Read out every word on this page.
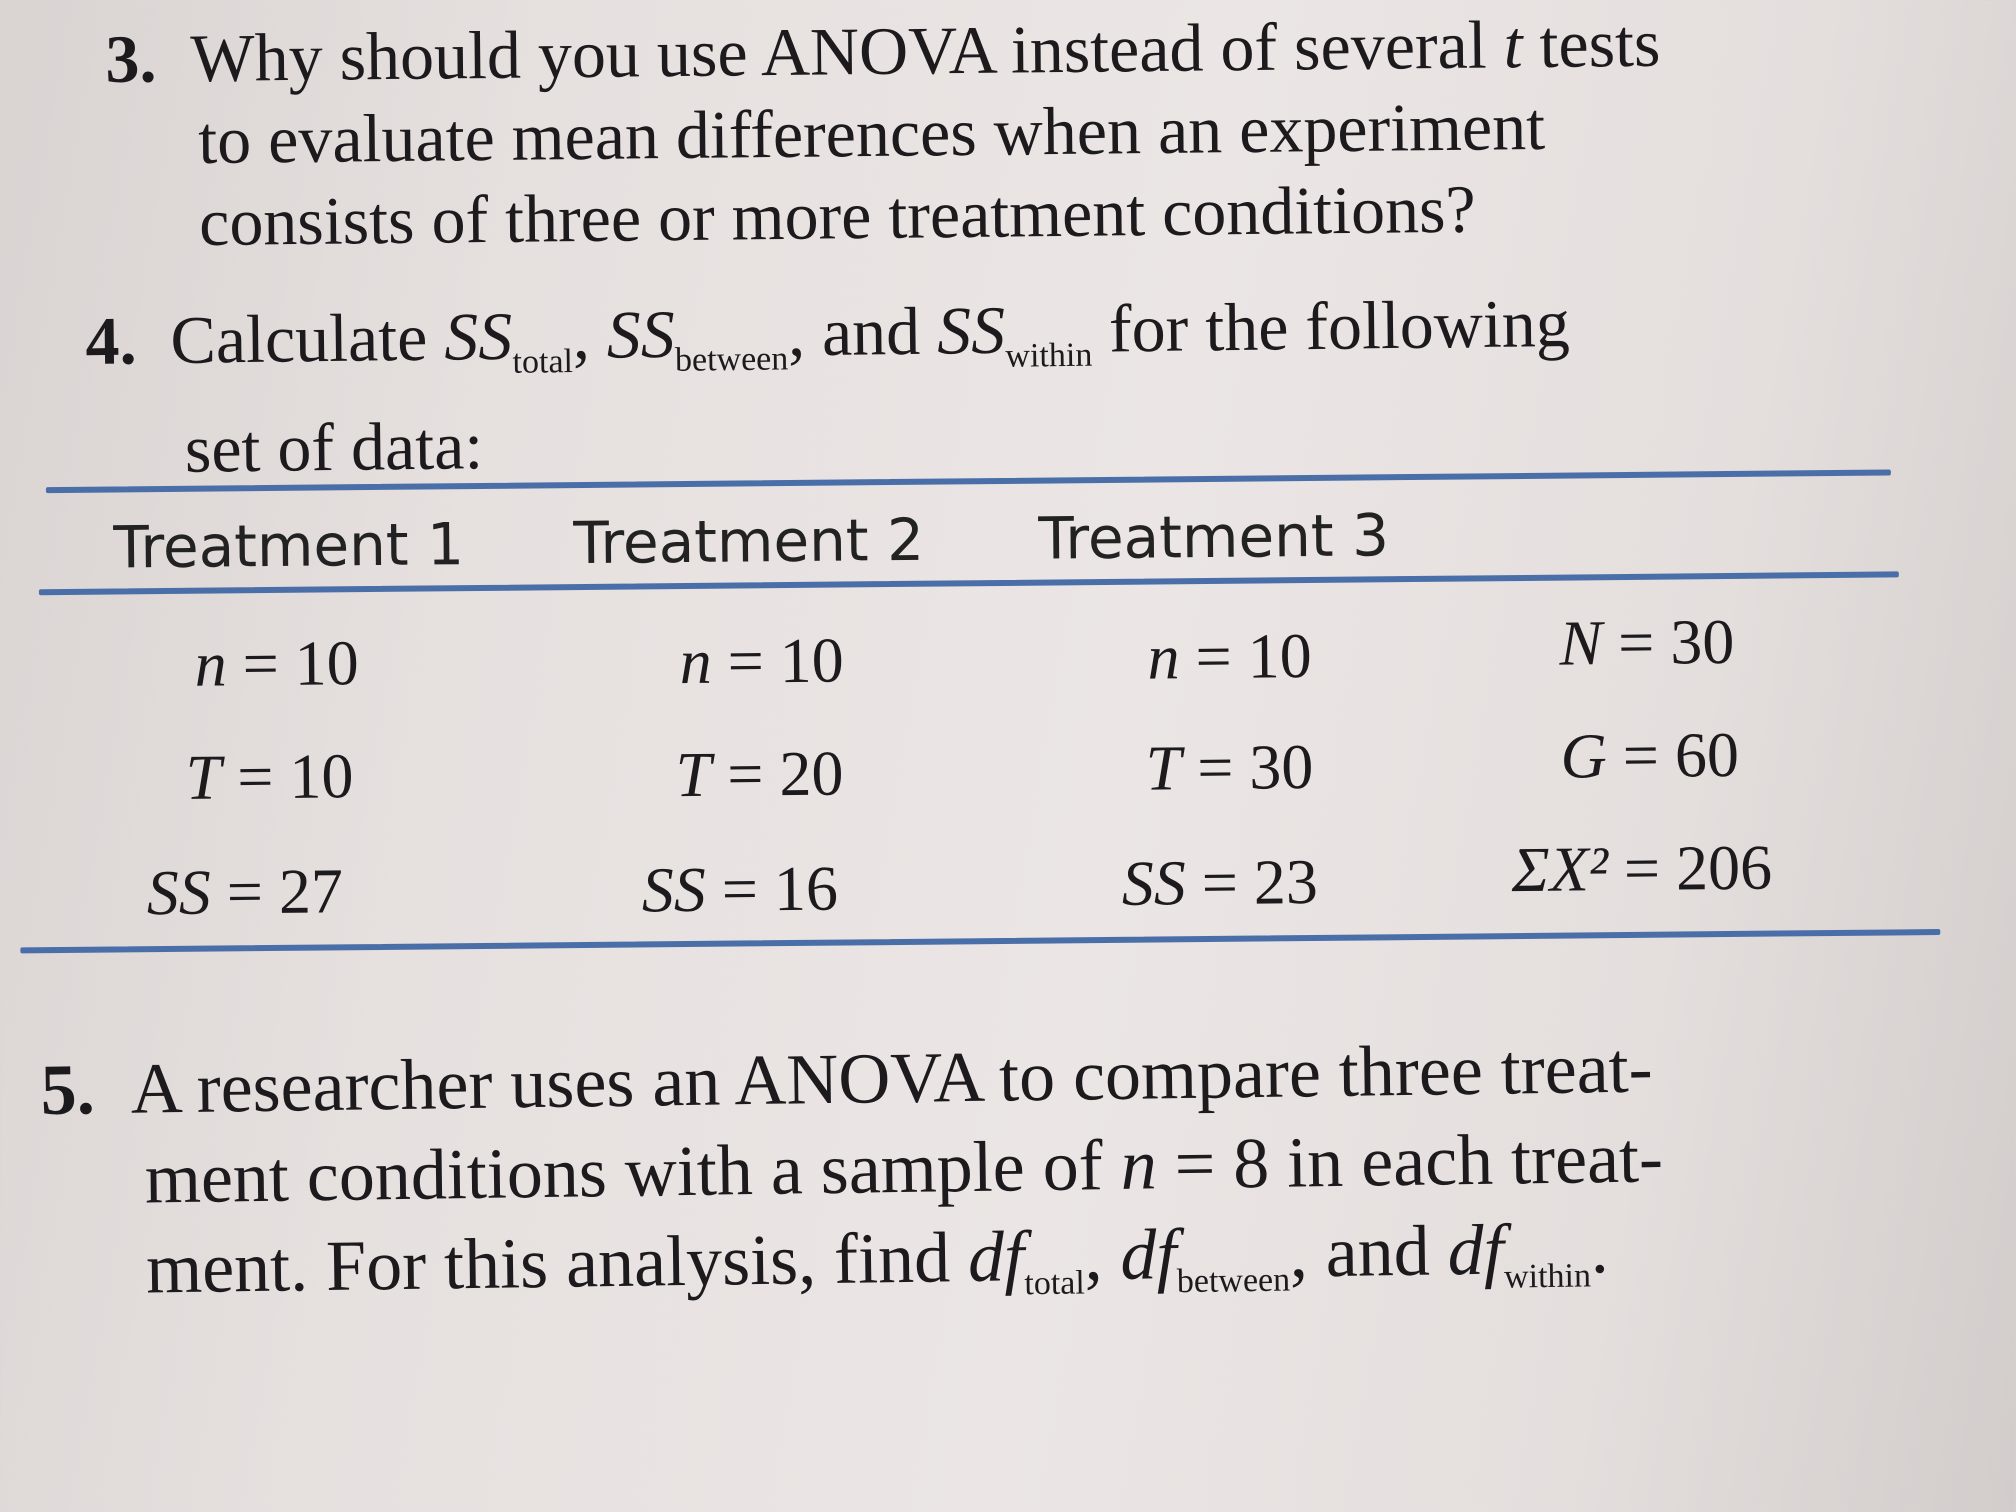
3. Why should you use ANOVA instead of several t tests
to evaluate mean differences when an experiment
consists of three or more treatment conditions?
4. Calculate $SS_{total}$, $SS_{between}$, and $SS_{within}$ for the following
set of data:
Treatment 1 Treatment 2 Treatment 3
n = 10	n = 10	n = 10	N = 30
T = 10	T = 20	T = 30	G = 60
SS = 27	SS = 16	SS = 23	ΣX² = 206
5. A researcher uses an ANOVA to compare three treat-
ment conditions with a sample of n = 8 in each treat-
ment. For this analysis, find $df_{total}$, $df_{between}$, and $df_{within}$.
